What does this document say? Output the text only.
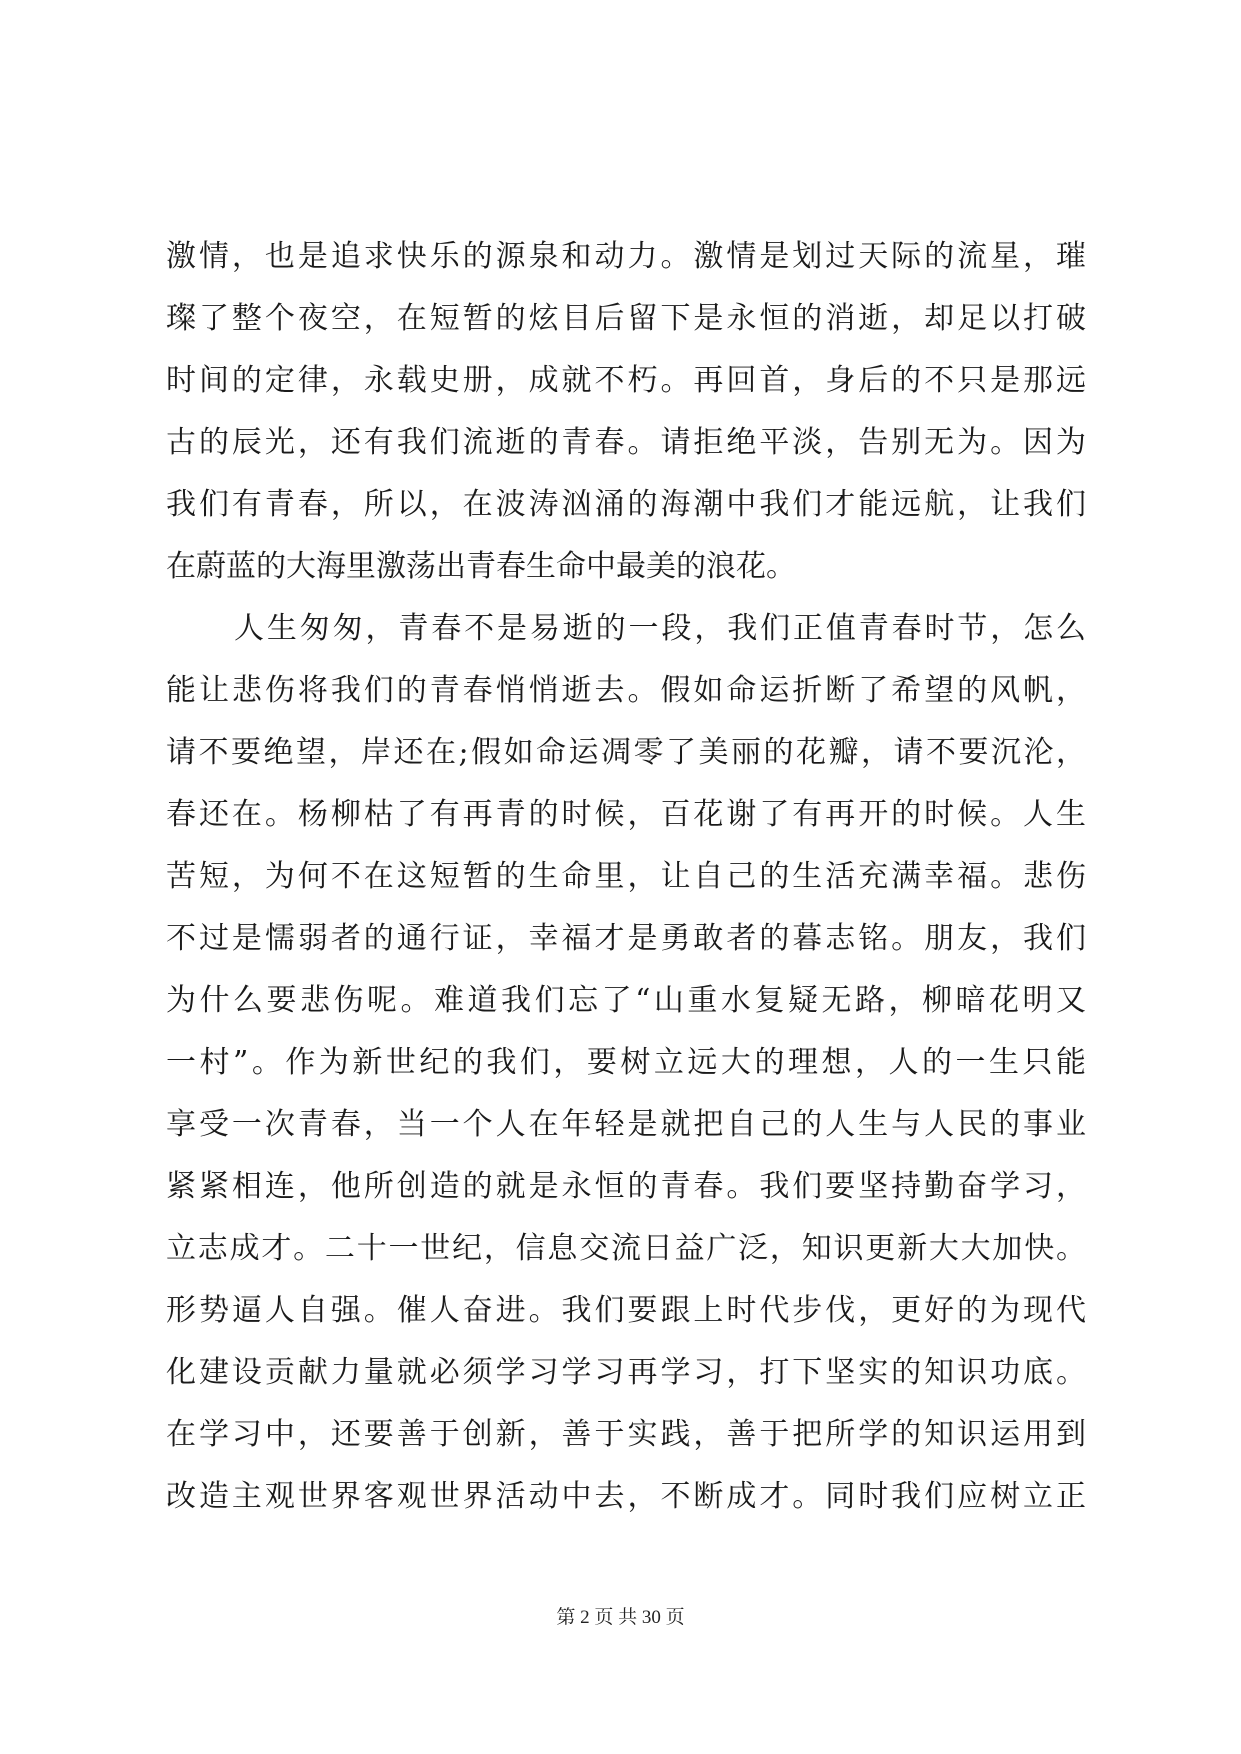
激情，也是追求快乐的源泉和动力。激情是划过天际的流星，璀
璨了整个夜空，在短暂的炫目后留下是永恒的消逝，却足以打破
时间的定律，永载史册，成就不朽。再回首，身后的不只是那远
古的辰光，还有我们流逝的青春。请拒绝平淡，告别无为。因为
我们有青春，所以，在波涛汹涌的海潮中我们才能远航，让我们
在蔚蓝的大海里激荡出青春生命中最美的浪花。
人生匆匆，青春不是易逝的一段，我们正值青春时节，怎么
能让悲伤将我们的青春悄悄逝去。假如命运折断了希望的风帆，
请不要绝望，岸还在;假如命运凋零了美丽的花瓣，请不要沉沦，
春还在。杨柳枯了有再青的时候，百花谢了有再开的时候。人生
苦短，为何不在这短暂的生命里，让自己的生活充满幸福。悲伤
不过是懦弱者的通行证，幸福才是勇敢者的暮志铭。朋友，我们
为什么要悲伤呢。难道我们忘了“山重水复疑无路，柳暗花明又
一村”。作为新世纪的我们，要树立远大的理想，人的一生只能
享受一次青春，当一个人在年轻是就把自己的人生与人民的事业
紧紧相连，他所创造的就是永恒的青春。我们要坚持勤奋学习，
立志成才。二十一世纪，信息交流日益广泛，知识更新大大加快。
形势逼人自强。催人奋进。我们要跟上时代步伐，更好的为现代
化建设贡献力量就必须学习学习再学习，打下坚实的知识功底。
在学习中，还要善于创新，善于实践，善于把所学的知识运用到
改造主观世界客观世界活动中去，不断成才。同时我们应树立正
第 2 页 共 30 页
